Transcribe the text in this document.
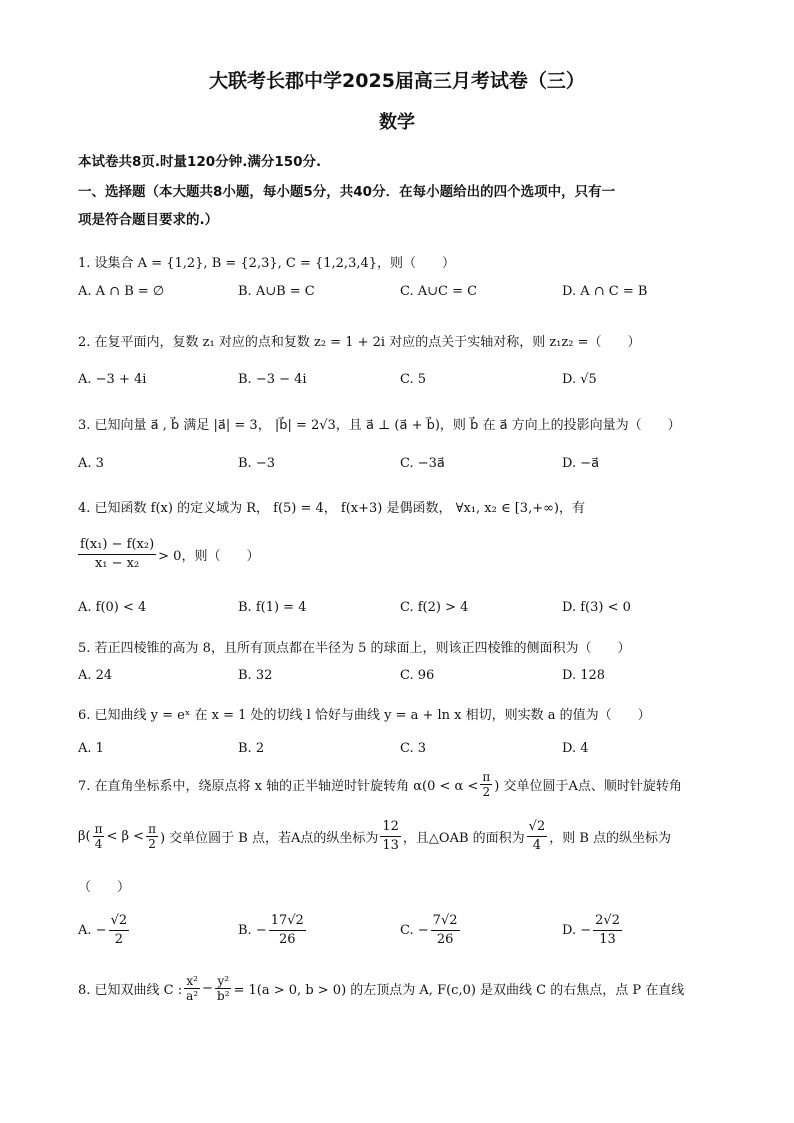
大联考长郡中学2025届高三月考试卷（三）
数学
本试卷共8页.时量120分钟.满分150分.
一、选择题（本大题共8小题，每小题5分，共40分．在每小题给出的四个选项中，只有一
项是符合题目要求的.）
1. 设集合 A = {1,2}, B = {2,3}, C = {1,2,3,4}，则（　　）
A. A ∩ B = ∅	B. A∪B = C	C. A∪C = C	D. A ∩ C = B
2. 在复平面内，复数 z₁ 对应的点和复数 z₂ = 1 + 2i 对应的点关于实轴对称，则 z₁z₂ =（　　）
A. −3 + 4i	B. −3 − 4i	C. 5	D. √5
3. 已知向量 a⃗ , b⃗ 满足 |a⃗| = 3， |b⃗| = 2√3，且 a⃗ ⊥ (a⃗ + b⃗)，则 b⃗ 在 a⃗ 方向上的投影向量为（　　）
A. 3	B. −3	C. −3a⃗	D. −a⃗
4. 已知函数 f(x) 的定义域为 R， f(5) = 4， f(x+3) 是偶函数， ∀x₁, x₂ ∈ [3,+∞)，有
$\frac{\text{f(x₁) − f(x₂)}}{\text{x₁ − x₂}} > 0$，则（　　）
A. f(0) < 4	B. f(1) = 4	C. f(2) > 4	D. f(3) < 0
5. 若正四棱锥的高为 8，且所有顶点都在半径为 5 的球面上，则该正四棱锥的侧面积为（　　）
A. 24	B. 32	C. 96	D. 128
6. 已知曲线 y = eˣ 在 x = 1 处的切线 l 恰好与曲线 y = a + ln x 相切，则实数 a 的值为（　　）
A. 1	B. 2	C. 3	D. 4
7. 在直角坐标系中，绕原点将 x 轴的正半轴逆时针旋转角 $\alpha(0 < \alpha < \frac{\pi}{2}$ ) 交单位圆于A点、顺时针旋转角
$\beta( \frac{\pi}{4} < \beta < \frac{\pi}{2}$ ) 交单位圆于 B 点，若A点的纵坐标为 $\frac{12}{13}$ ，且△OAB 的面积为 $\frac{√2}{4}$ ，则 B 点的纵坐标为
（　　）
A.
− $\frac{√2}{2}$	B.
− $\frac{17√2}{26}$	C.
− $\frac{7√2}{26}$	D.
− $\frac{2√2}{13}$
8. 已知双曲线 C : $\frac{\text{x²}}{\text{a²}} - \frac{\text{y²}}{\text{b²}} = 1(a > 0$, b > 0) 的左顶点为 A, F(c,0) 是双曲线 C 的右焦点，点 P 在直线
